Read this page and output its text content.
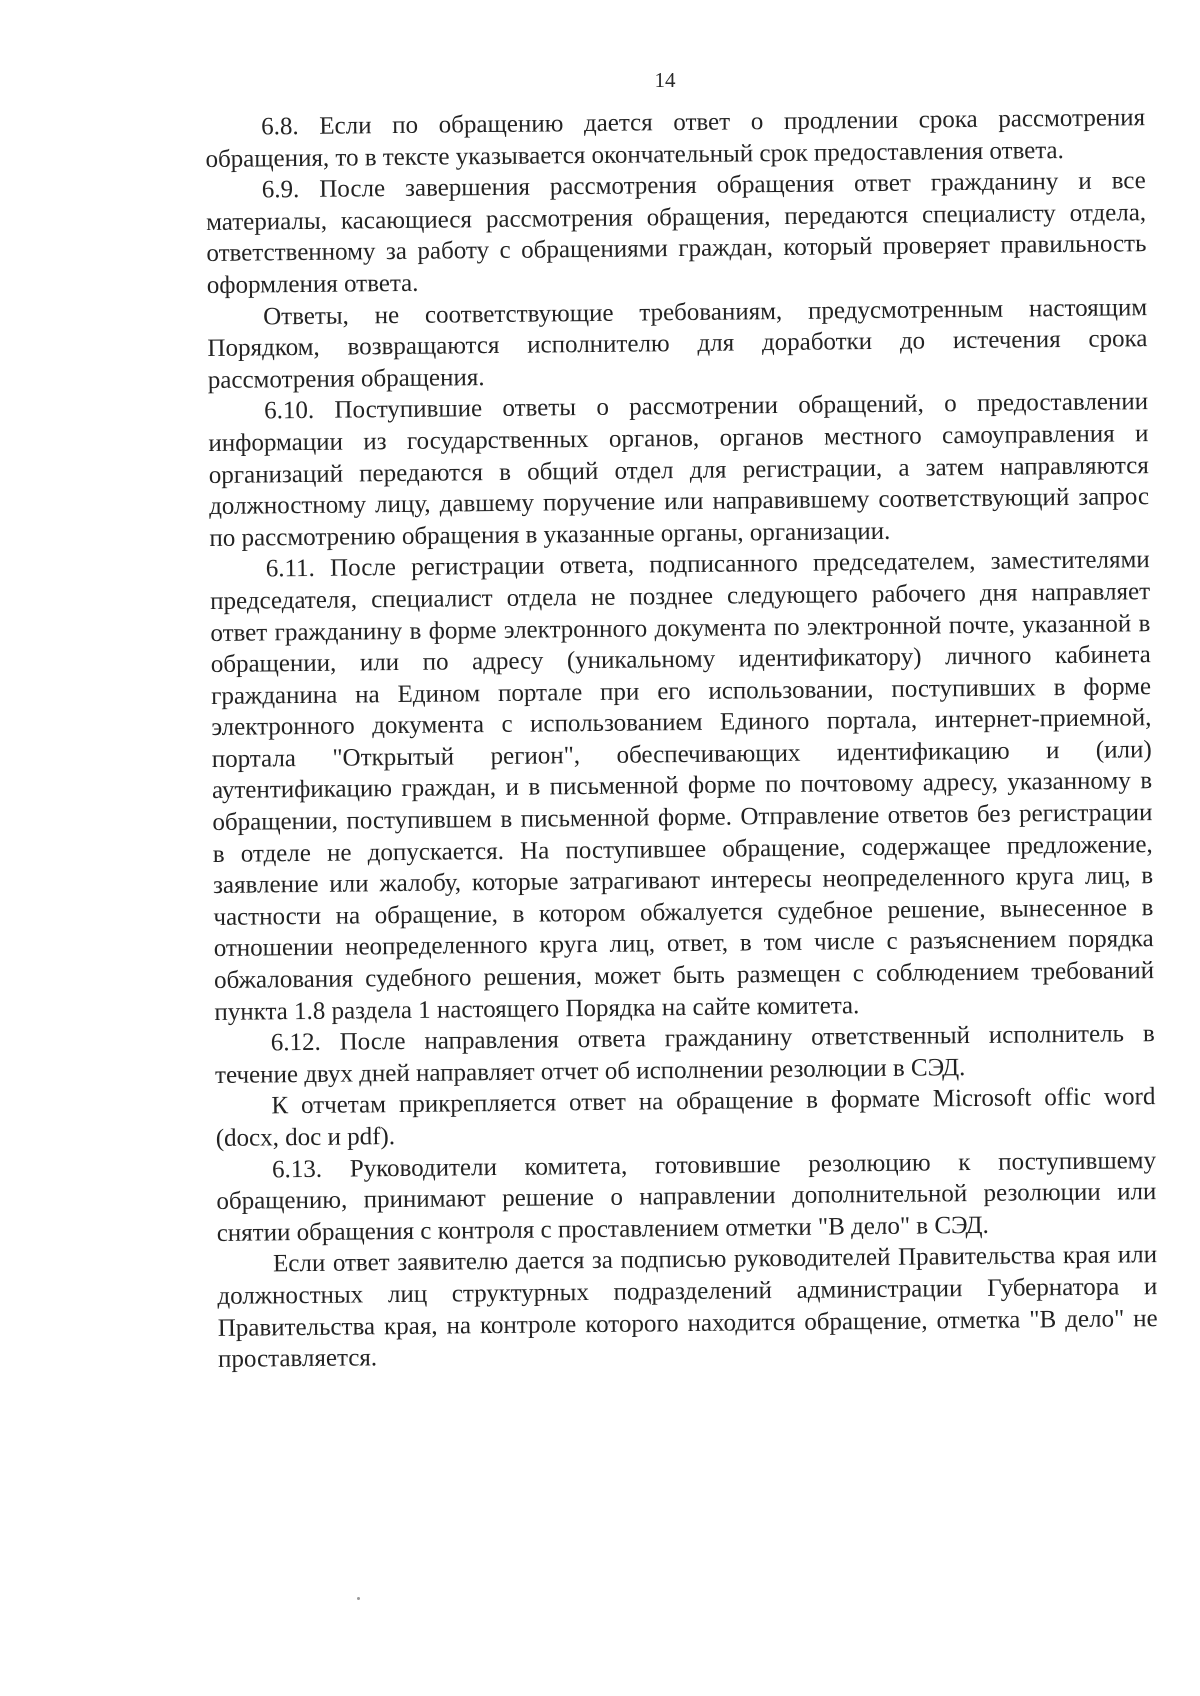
14

6.8. Если по обращению дается ответ о продлении срока рассмотрения обращения, то в тексте указывается окончательный срок предоставления ответа.

6.9. После завершения рассмотрения обращения ответ гражданину и все материалы, касающиеся рассмотрения обращения, передаются специалисту отдела, ответственному за работу с обращениями граждан, который проверяет правильность оформления ответа.

Ответы, не соответствующие требованиям, предусмотренным настоящим Порядком, возвращаются исполнителю для доработки до истечения срока рассмотрения обращения.

6.10. Поступившие ответы о рассмотрении обращений, о предоставлении информации из государственных органов, органов местного самоуправления и организаций передаются в общий отдел для регистрации, а затем направляются должностному лицу, давшему поручение или направившему соответствующий запрос по рассмотрению обращения в указанные органы, организации.

6.11. После регистрации ответа, подписанного председателем, заместителями председателя, специалист отдела не позднее следующего рабочего дня направляет ответ гражданину в форме электронного документа по электронной почте, указанной в обращении, или по адресу (уникальному идентификатору) личного кабинета гражданина на Едином портале при его использовании, поступивших в форме электронного документа с использованием Единого портала, интернет-приемной, портала "Открытый регион", обеспечивающих идентификацию и (или) аутентификацию граждан, и в письменной форме по почтовому адресу, указанному в обращении, поступившем в письменной форме. Отправление ответов без регистрации в отделе не допускается. На поступившее обращение, содержащее предложение, заявление или жалобу, которые затрагивают интересы неопределенного круга лиц, в частности на обращение, в котором обжалуется судебное решение, вынесенное в отношении неопределенного круга лиц, ответ, в том числе с разъяснением порядка обжалования судебного решения, может быть размещен с соблюдением требований пункта 1.8 раздела 1 настоящего Порядка на сайте комитета.

6.12. После направления ответа гражданину ответственный исполнитель в течение двух дней направляет отчет об исполнении резолюции в СЭД.

К отчетам прикрепляется ответ на обращение в формате Microsoft offic word (docx, doc и pdf).

6.13. Руководители комитета, готовившие резолюцию к поступившему обращению, принимают решение о направлении дополнительной резолюции или снятии обращения с контроля с проставлением отметки "В дело" в СЭД.

Если ответ заявителю дается за подписью руководителей Правительства края или должностных лиц структурных подразделений администрации Губернатора и Правительства края, на контроле которого находится обращение, отметка "В дело" не проставляется.
